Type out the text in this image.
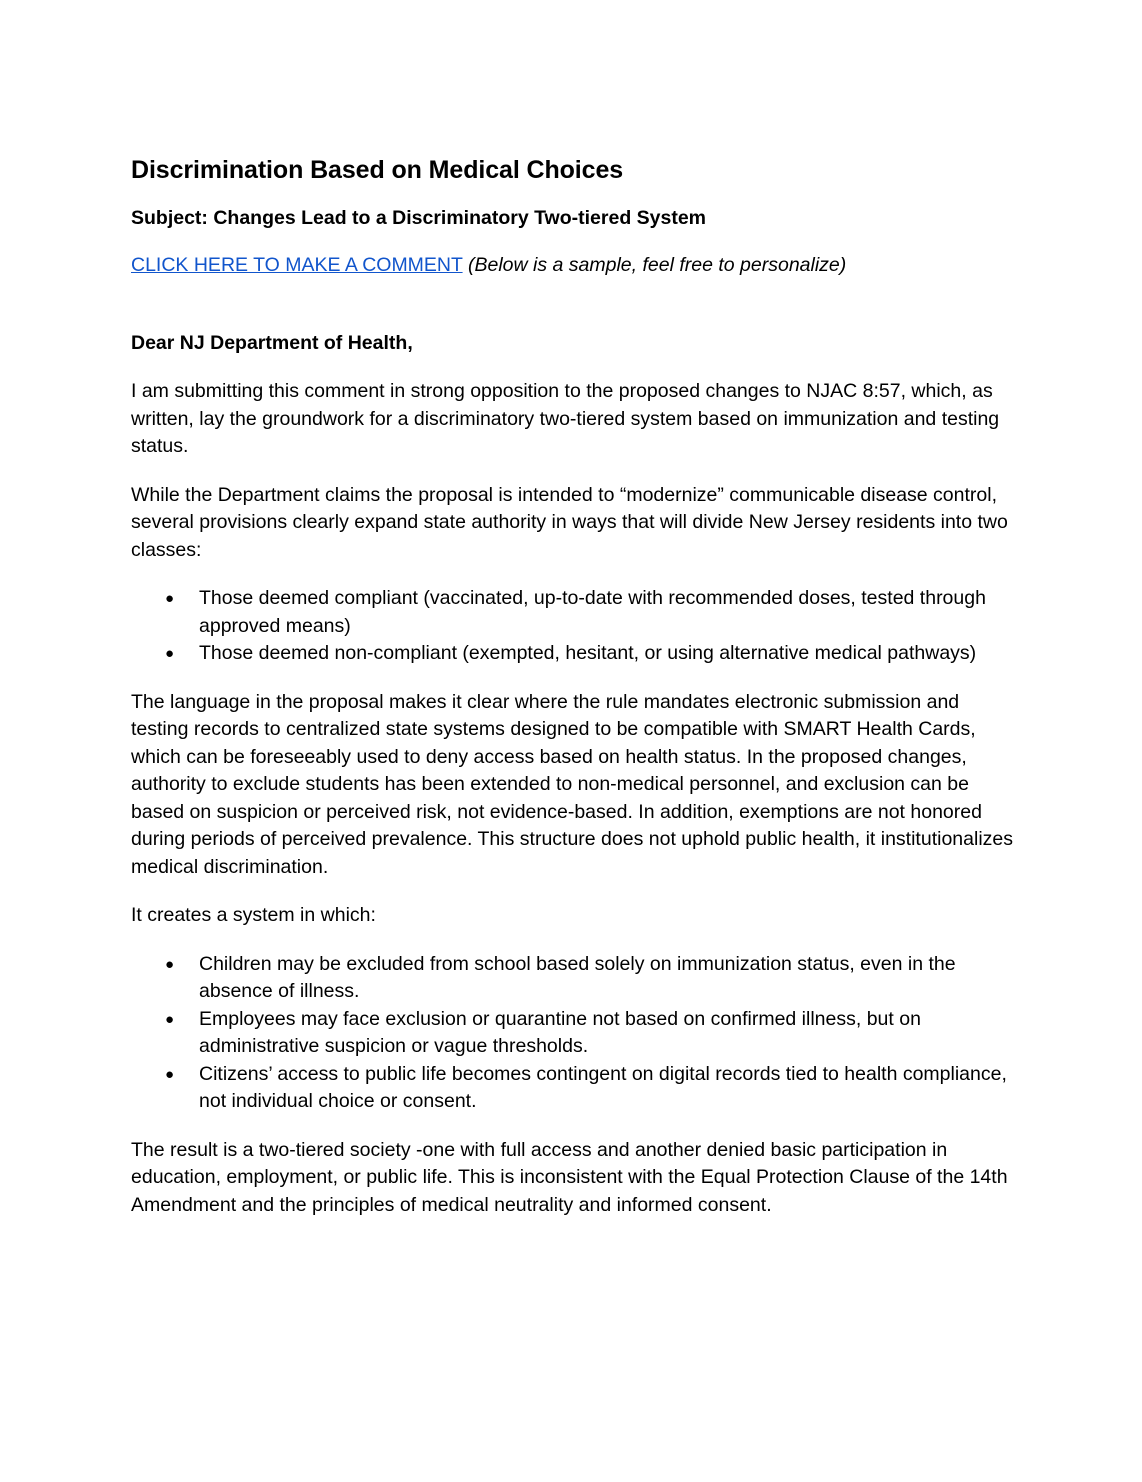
Discrimination Based on Medical Choices
Subject: Changes Lead to a Discriminatory Two-tiered System
CLICK HERE TO MAKE A COMMENT (Below is a sample, feel free to personalize)
Dear NJ Department of Health,

I am submitting this comment in strong opposition to the proposed changes to NJAC 8:57, which, as written, lay the groundwork for a discriminatory two-tiered system based on immunization and testing status.

While the Department claims the proposal is intended to “modernize” communicable disease control, several provisions clearly expand state authority in ways that will divide New Jersey residents into two classes:

● Those deemed compliant (vaccinated, up-to-date with recommended doses, tested through approved means)
● Those deemed non-compliant (exempted, hesitant, or using alternative medical pathways)

The language in the proposal makes it clear where the rule mandates electronic submission and testing records to centralized state systems designed to be compatible with SMART Health Cards, which can be foreseeably used to deny access based on health status. In the proposed changes, authority to exclude students has been extended to non-medical personnel, and exclusion can be based on suspicion or perceived risk, not evidence-based. In addition, exemptions are not honored during periods of perceived prevalence. This structure does not uphold public health, it institutionalizes medical discrimination.

It creates a system in which:

● Children may be excluded from school based solely on immunization status, even in the absence of illness.
● Employees may face exclusion or quarantine not based on confirmed illness, but on administrative suspicion or vague thresholds.
● Citizens’ access to public life becomes contingent on digital records tied to health compliance, not individual choice or consent.

The result is a two-tiered society -one with full access and another denied basic participation in education, employment, or public life. This is inconsistent with the Equal Protection Clause of the 14th Amendment and the principles of medical neutrality and informed consent.
